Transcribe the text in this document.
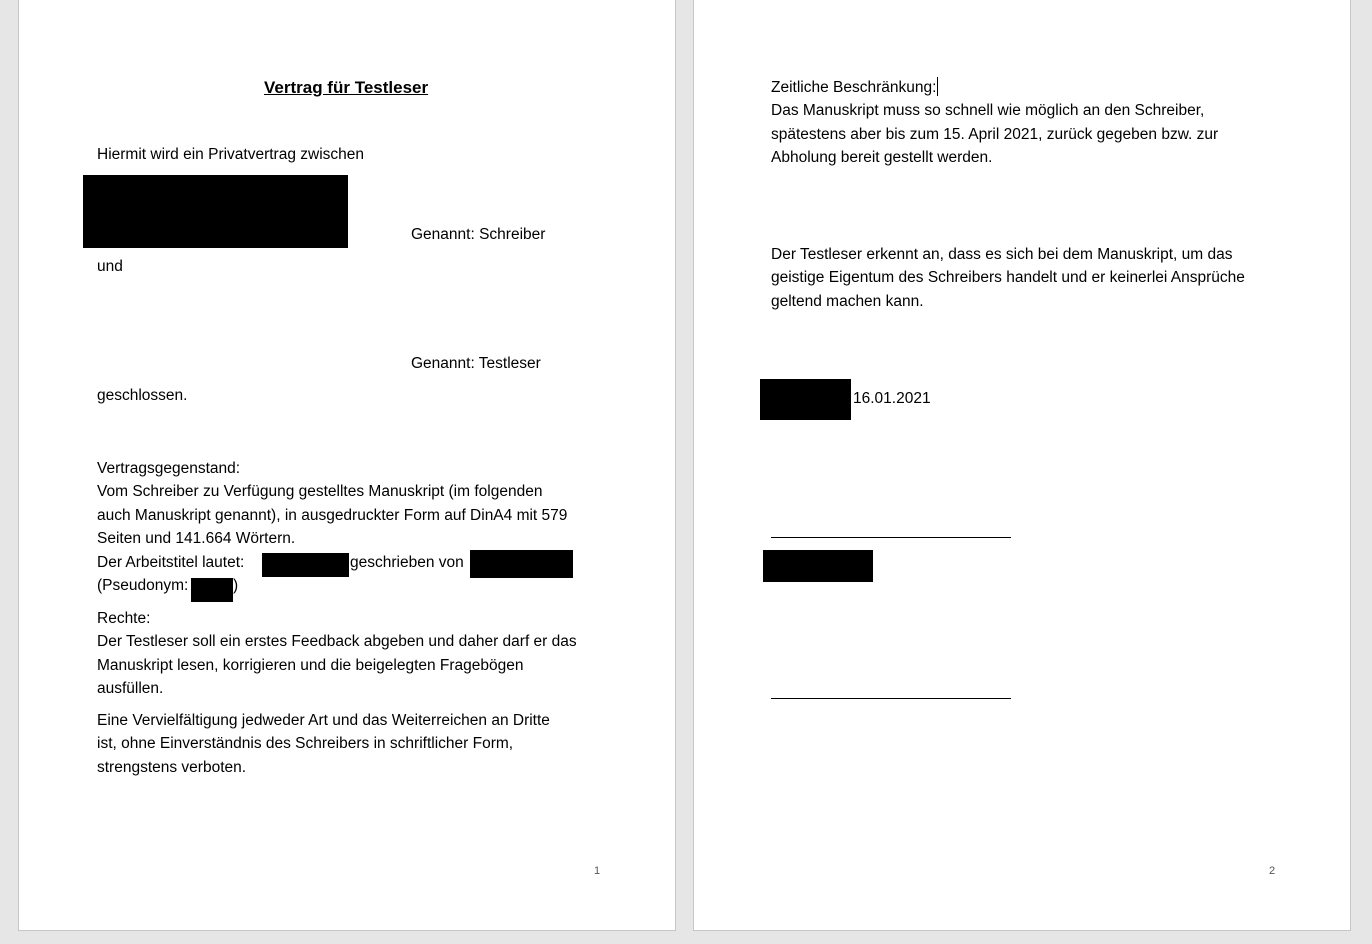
Vertrag für Testleser
Hiermit wird ein Privatvertrag zwischen
Genannt: Schreiber
und
Genannt: Testleser
geschlossen.
Vertragsgegenstand:
Vom Schreiber zu Verfügung gestelltes Manuskript (im folgenden
auch Manuskript genannt), in ausgedruckter Form auf DinA4 mit 579
Seiten und 141.664 Wörtern.
Der Arbeitstitel lautet:	geschrieben von
(Pseudonym:	)
Rechte:
Der Testleser soll ein erstes Feedback abgeben und daher darf er das
Manuskript lesen, korrigieren und die beigelegten Fragebögen
ausfüllen.
Eine Vervielfältigung jedweder Art und das Weiterreichen an Dritte
ist, ohne Einverständnis des Schreibers in schriftlicher Form,
strengstens verboten.
1
Zeitliche Beschränkung:
Das Manuskript muss so schnell wie möglich an den Schreiber,
spätestens aber bis zum 15. April 2021, zurück gegeben bzw. zur
Abholung bereit gestellt werden.
Der Testleser erkennt an, dass es sich bei dem Manuskript, um das
geistige Eigentum des Schreibers handelt und er keinerlei Ansprüche
geltend machen kann.
16.01.2021
2
